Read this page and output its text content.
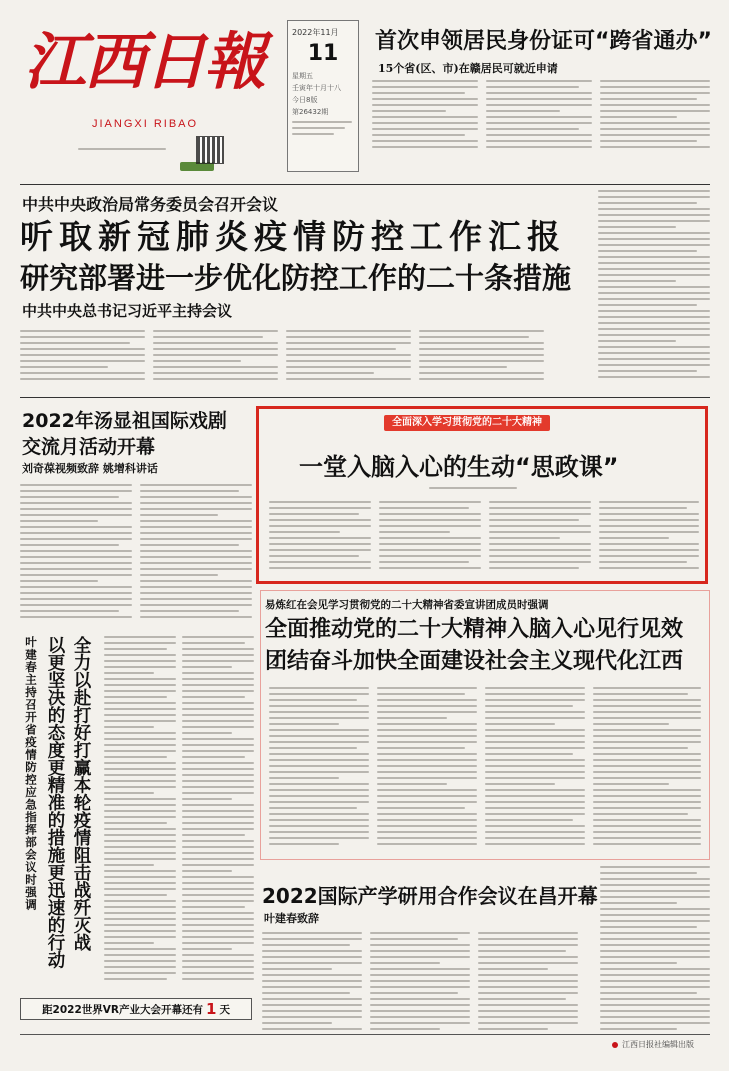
江西日報
JIANGXI RIBAO
2022年11月
11
星期五
壬寅年十月十八
今日8版
第26432期
首次申领居民身份证可“跨省通办”
15个省(区、市)在赣居民可就近申请
中共中央政治局常务委员会召开会议
听取新冠肺炎疫情防控工作汇报
研究部署进一步优化防控工作的二十条措施
中共中央总书记习近平主持会议
2022年汤显祖国际戏剧
交流月活动开幕
刘奇葆视频致辞 姚增科讲话
全面深入学习贯彻党的二十大精神
一堂入脑入心的生动“思政课”
易炼红在会见学习贯彻党的二十大精神省委宣讲团成员时强调
全面推动党的二十大精神入脑入心见行见效
团结奋斗加快全面建设社会主义现代化江西
叶建春主持召开省疫情防控应急指挥部会议时强调 以更坚决的态度更精准的措施更迅速的行动 全力以赴打好打赢本轮疫情阻击战歼灭战	2022国际产学研用合作会议在昌开幕
叶建春致辞
距2022世界VR产业大会开幕还有 1 天
江西日报社编辑出版
